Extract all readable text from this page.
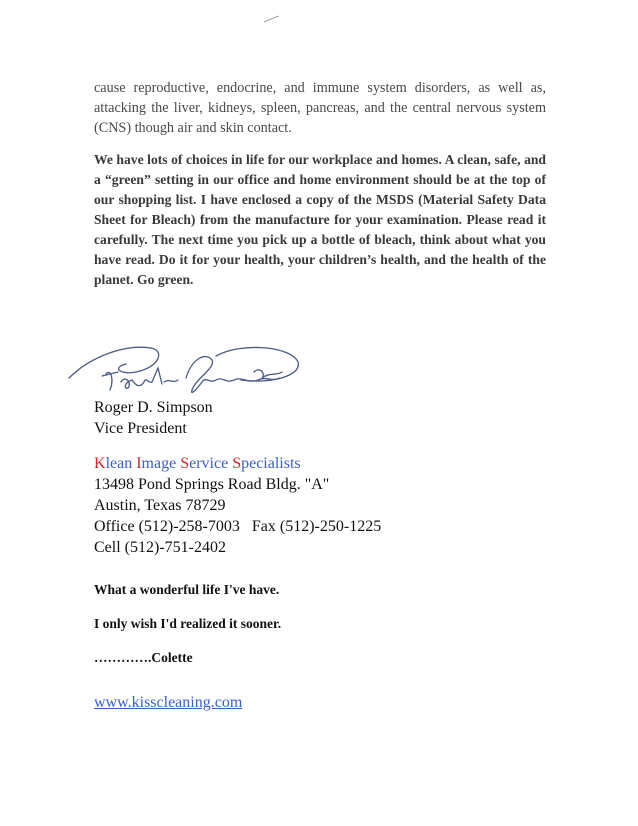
cause reproductive, endocrine, and immune system disorders, as well as, attacking the liver, kidneys, spleen, pancreas, and the central nervous system (CNS) though air and skin contact.
We have lots of choices in life for our workplace and homes. A clean, safe, and a “green” setting in our office and home environment should be at the top of our shopping list. I have enclosed a copy of the MSDS (Material Safety Data Sheet for Bleach) from the manufacture for your examination. Please read it carefully. The next time you pick up a bottle of bleach, think about what you have read. Do it for your health, your children’s health, and the health of the planet. Go green.
Roger D. Simpson
Vice President
Klean Image Service Specialists
13498 Pond Springs Road Bldg. "A"
Austin, Texas 78729
Office (512)-258-7003   Fax (512)-250-1225
Cell (512)-751-2402
What a wonderful life I've have.
I only wish I'd realized it sooner.
………….Colette
www.kisscleaning.com
